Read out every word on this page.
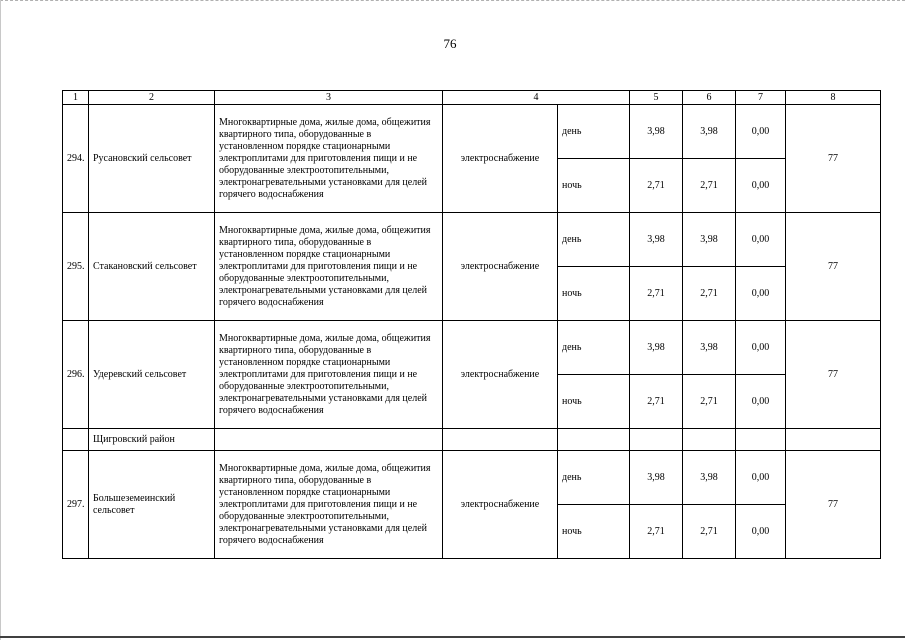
76
1	2	3	4		5	6	7	8
294.	Русановский сельсовет	Многоквартирные дома, жилые дома, общежития квартирного типа, оборудованные в установленном порядке стационарными электроплитами для приготовления пищи и не оборудованные электроотопительными, электронагревательными установками для целей горячего водоснабжения	электроснабжение	день	3,98	3,98	0,00	77
				ночь	2,71	2,71	0,00	
295.	Стакановский сельсовет	Многоквартирные дома, жилые дома, общежития квартирного типа, оборудованные в установленном порядке стационарными электроплитами для приготовления пищи и не оборудованные электроотопительными, электронагревательными установками для целей горячего водоснабжения	электроснабжение	день	3,98	3,98	0,00	77
				ночь	2,71	2,71	0,00	
296.	Удеревский сельсовет	Многоквартирные дома, жилые дома, общежития квартирного типа, оборудованные в установленном порядке стационарными электроплитами для приготовления пищи и не оборудованные электроотопительными, электронагревательными установками для целей горячего водоснабжения	электроснабжение	день	3,98	3,98	0,00	77
				ночь	2,71	2,71	0,00	
	Щигровский район							
297.	Большеземеинский сельсовет	Многоквартирные дома, жилые дома, общежития квартирного типа, оборудованные в установленном порядке стационарными электроплитами для приготовления пищи и не оборудованные электроотопительными, электронагревательными установками для целей горячего водоснабжения	электроснабжение	день	3,98	3,98	0,00	77
				ночь	2,71	2,71	0,00	
